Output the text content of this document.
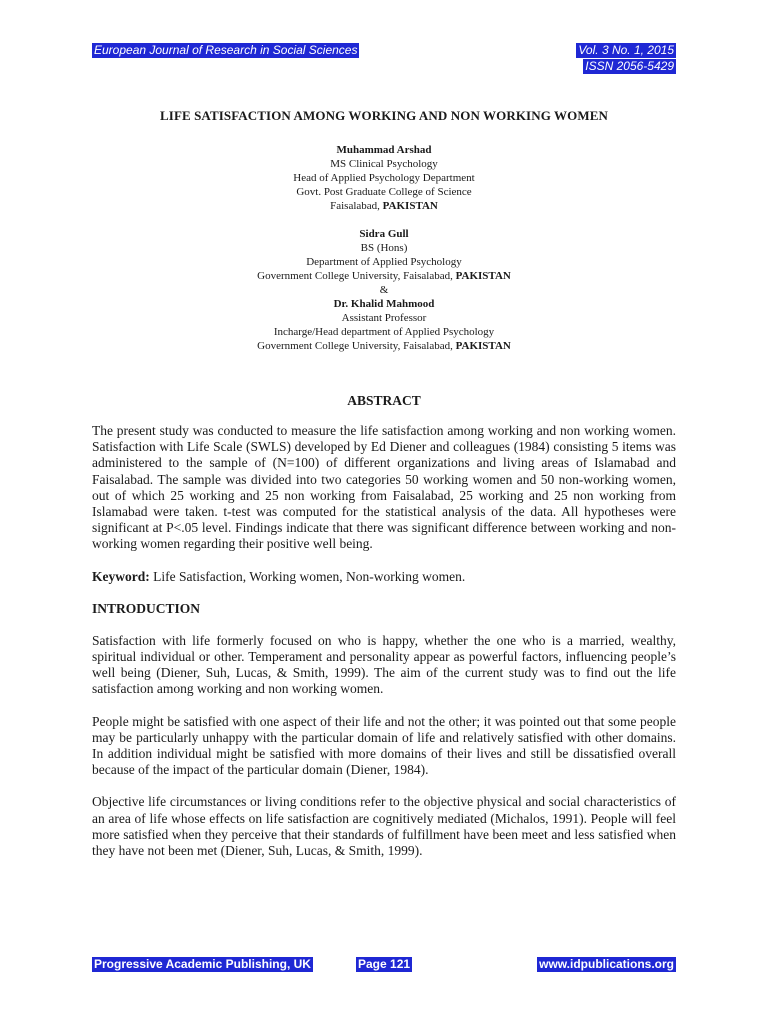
European Journal of Research in Social Sciences	Vol. 3 No. 1, 2015
ISSN 2056-5429
LIFE SATISFACTION AMONG WORKING AND NON WORKING WOMEN
Muhammad Arshad
MS Clinical Psychology
Head of Applied Psychology Department
Govt. Post Graduate College of Science
Faisalabad, PAKISTAN
Sidra Gull
BS (Hons)
Department of Applied Psychology
Government College University, Faisalabad, PAKISTAN
&
Dr. Khalid Mahmood
Assistant Professor
Incharge/Head department of Applied Psychology
Government College University, Faisalabad, PAKISTAN
ABSTRACT

The present study was conducted to measure the life satisfaction among working and non working women. Satisfaction with Life Scale (SWLS) developed by Ed Diener and colleagues (1984) consisting 5 items was administered to the sample of (N=100) of different organizations and living areas of Islamabad and Faisalabad. The sample was divided into two categories 50 working women and 50 non-working women, out of which 25 working and 25 non working from Faisalabad, 25 working and 25 non working from Islamabad were taken. t-test was computed for the statistical analysis of the data. All hypotheses were significant at P<.05 level. Findings indicate that there was significant difference between working and non-working women regarding their positive well being.

Keyword: Life Satisfaction, Working women, Non-working women.

INTRODUCTION

Satisfaction with life formerly focused on who is happy, whether the one who is a married, wealthy, spiritual individual or other. Temperament and personality appear as powerful factors, influencing people’s well being (Diener, Suh, Lucas, & Smith, 1999). The aim of the current study was to find out the life satisfaction among working and non working women.

People might be satisfied with one aspect of their life and not the other; it was pointed out that some people may be particularly unhappy with the particular domain of life and relatively satisfied with other domains. In addition individual might be satisfied with more domains of their lives and still be dissatisfied overall because of the impact of the particular domain (Diener, 1984).

Objective life circumstances or living conditions refer to the objective physical and social characteristics of an area of life whose effects on life satisfaction are cognitively mediated (Michalos, 1991). People will feel more satisfied when they perceive that their standards of fulfillment have been meet and less satisfied when they have not been met (Diener, Suh, Lucas, & Smith, 1999).

Progressive Academic Publishing, UK	Page 121	www.idpublications.org
